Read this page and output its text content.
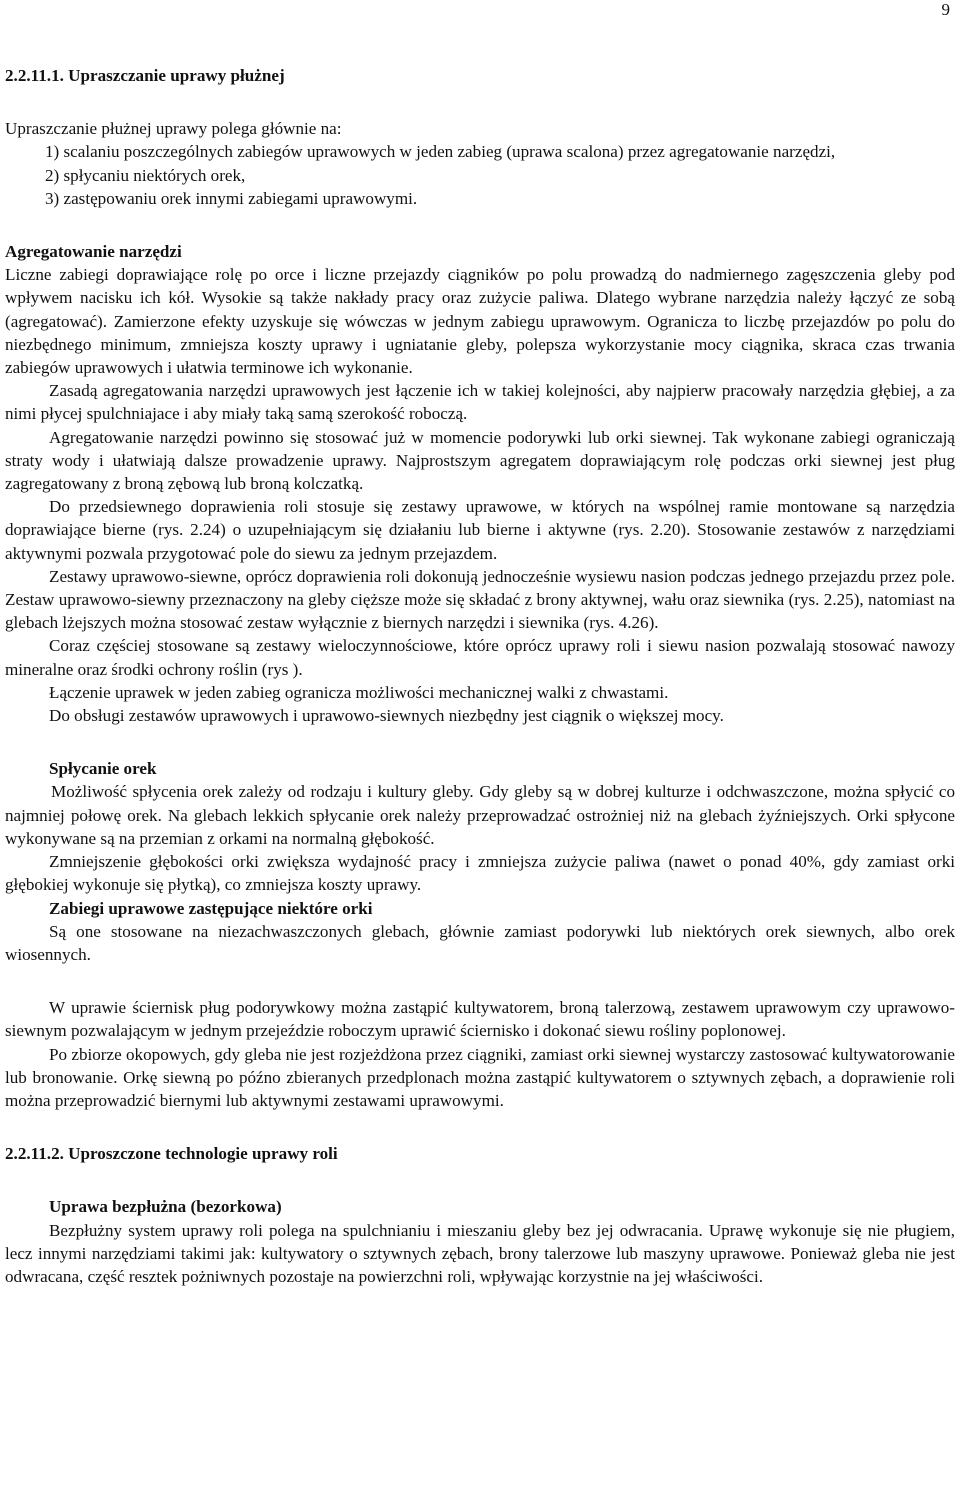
9

2.2.11.1. Upraszczanie uprawy płużnej

Upraszczanie płużnej uprawy polega głównie na:

1) scalaniu poszczególnych zabiegów uprawowych w jeden zabieg (uprawa scalona) przez agregatowanie narzędzi,
2) spłycaniu niektórych orek,
3) zastępowaniu orek innymi zabiegami uprawowymi.

Agregatowanie narzędzi

Liczne zabiegi doprawiające rolę po orce i liczne przejazdy ciągników po polu prowadzą do nadmiernego zagęszczenia gleby pod wpływem nacisku ich kół. Wysokie są także nakłady pracy oraz zużycie paliwa. Dlatego wybrane narzędzia należy łączyć ze sobą (agregatować). Zamierzone efekty uzyskuje się wówczas w jednym zabiegu uprawowym. Ogranicza to liczbę przejazdów po polu do niezbędnego minimum, zmniejsza koszty uprawy i ugniatanie gleby, polepsza wykorzystanie mocy ciągnika, skraca czas trwania zabiegów uprawowych i ułatwia terminowe ich wykonanie.

Zasadą agregatowania narzędzi uprawowych jest łączenie ich w takiej kolejności, aby najpierw pracowały narzędzia głębiej, a za nimi płycej spulchniajace i aby miały taką samą szerokość roboczą.

Agregatowanie narzędzi powinno się stosować już w momencie podorywki lub orki siewnej. Tak wykonane zabiegi ograniczają straty wody i ułatwiają dalsze prowadzenie uprawy. Najprostszym agregatem doprawiającym rolę podczas orki siewnej jest pług zagregatowany z broną zębową lub broną kolczatką.

Do przedsiewnego doprawienia roli stosuje się zestawy uprawowe, w których na wspólnej ramie montowane są narzędzia doprawiające bierne (rys. 2.24) o uzupełniającym się działaniu lub bierne i aktywne (rys. 2.20). Stosowanie zestawów z narzędziami aktywnymi pozwala przygotować pole do siewu za jednym przejazdem.

Zestawy uprawowo-siewne, oprócz doprawienia roli dokonują jednocześnie wysiewu nasion podczas jednego przejazdu przez pole. Zestaw uprawowo-siewny przeznaczony na gleby cięższe może się składać z brony aktywnej, wału oraz siewnika (rys. 2.25), natomiast na glebach lżejszych można stosować zestaw wyłącznie z biernych narzędzi i siewnika (rys. 4.26).

Coraz częściej stosowane są zestawy wieloczynnościowe, które oprócz uprawy roli i siewu nasion pozwalają stosować nawozy mineralne oraz środki ochrony roślin (rys ).

Łączenie uprawek w jeden zabieg ogranicza możliwości mechanicznej walki z chwastami.

Do obsługi zestawów uprawowych i uprawowo-siewnych niezbędny jest ciągnik o większej mocy.

Spłycanie orek

Możliwość spłycenia orek zależy od rodzaju i kultury gleby. Gdy gleby są w dobrej kulturze i odchwaszczone, można spłycić co najmniej połowę orek. Na glebach lekkich spłycanie orek należy przeprowadzać ostrożniej niż na glebach żyźniejszych. Orki spłycone wykonywane są na przemian z orkami na normalną głębokość.

Zmniejszenie głębokości orki zwiększa wydajność pracy i zmniejsza zużycie paliwa (nawet o ponad 40%, gdy zamiast orki głębokiej wykonuje się płytką), co zmniejsza koszty uprawy.

Zabiegi uprawowe zastępujące niektóre orki

Są one stosowane na niezachwaszczonych glebach, głównie zamiast podorywki lub niektórych orek siewnych, albo orek wiosennych.

W uprawie ściernisk pług podorywkowy można zastąpić kultywatorem, broną talerzową, zestawem uprawowym czy uprawowo-siewnym pozwalającym w jednym przejeździe roboczym uprawić ściernisko i dokonać siewu rośliny poplonowej.

Po zbiorze okopowych, gdy gleba nie jest rozjeżdżona przez ciągniki, zamiast orki siewnej wystarczy zastosować kultywatorowanie lub bronowanie. Orkę siewną po późno zbieranych przedplonach można zastąpić kultywatorem o sztywnych zębach, a doprawienie roli można przeprowadzić biernymi lub aktywnymi zestawami uprawowymi.

2.2.11.2. Uproszczone technologie uprawy roli

Uprawa bezpłużna (bezorkowa)

Bezpłużny system uprawy roli polega na spulchnianiu i mieszaniu gleby bez jej odwracania. Uprawę wykonuje się nie pługiem, lecz innymi narzędziami takimi jak: kultywatory o sztywnych zębach, brony talerzowe lub maszyny uprawowe. Ponieważ gleba nie jest odwracana, część resztek pożniwnych pozostaje na powierzchni roli, wpływając korzystnie na jej właściwości.
